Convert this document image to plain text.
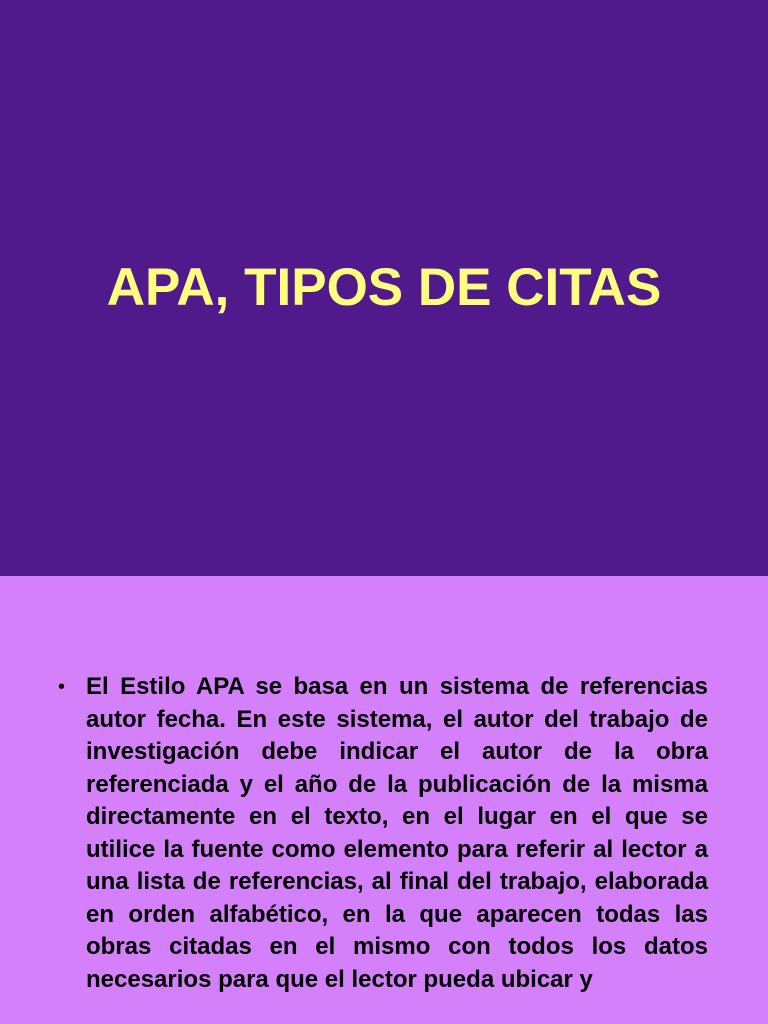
APA, TIPOS DE CITAS
• El Estilo APA se basa en un sistema de referencias autor fecha. En este sistema, el autor del trabajo de investigación debe indicar el autor de la obra referenciada y el año de la publicación de la misma directamente en el texto, en el lugar en el que se utilice la fuente como elemento para referir al lector a una lista de referencias, al final del trabajo, elaborada en orden alfabético, en la que aparecen todas las obras citadas en el mismo con todos los datos necesarios para que el lector pueda ubicar y
